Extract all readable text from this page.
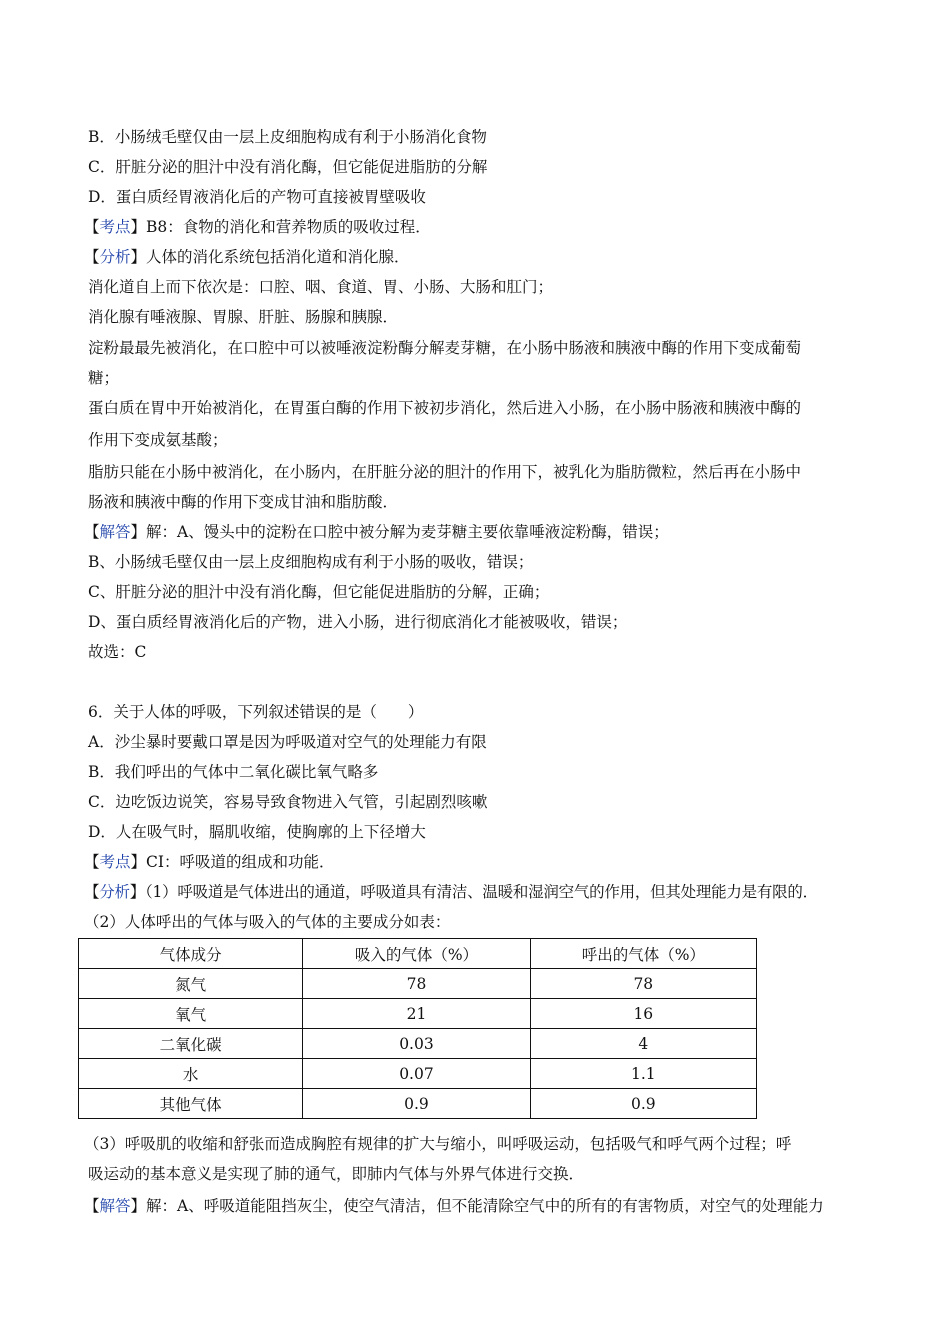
B．小肠绒毛壁仅由一层上皮细胞构成有利于小肠消化食物
C．肝脏分泌的胆汁中没有消化酶，但它能促进脂肪的分解
D．蛋白质经胃液消化后的产物可直接被胃壁吸收
【考点】B8：食物的消化和营养物质的吸收过程．
【分析】人体的消化系统包括消化道和消化腺．
消化道自上而下依次是：口腔、咽、食道、胃、小肠、大肠和肛门；
消化腺有唾液腺、胃腺、肝脏、肠腺和胰腺．
淀粉最最先被消化，在口腔中可以被唾液淀粉酶分解麦芽糖，在小肠中肠液和胰液中酶的作用下变成葡萄
糖；
蛋白质在胃中开始被消化，在胃蛋白酶的作用下被初步消化，然后进入小肠，在小肠中肠液和胰液中酶的
作用下变成氨基酸；
脂肪只能在小肠中被消化，在小肠内，在肝脏分泌的胆汁的作用下，被乳化为脂肪微粒，然后再在小肠中
肠液和胰液中酶的作用下变成甘油和脂肪酸．
【解答】解：A、馒头中的淀粉在口腔中被分解为麦芽糖主要依靠唾液淀粉酶，错误；
B、小肠绒毛壁仅由一层上皮细胞构成有利于小肠的吸收，错误；
C、肝脏分泌的胆汁中没有消化酶，但它能促进脂肪的分解，正确；
D、蛋白质经胃液消化后的产物，进入小肠，进行彻底消化才能被吸收，错误；
故选：C
6．关于人体的呼吸，下列叙述错误的是（　　）
A．沙尘暴时要戴口罩是因为呼吸道对空气的处理能力有限
B．我们呼出的气体中二氧化碳比氧气略多
C．边吃饭边说笑，容易导致食物进入气管，引起剧烈咳嗽
D．人在吸气时，膈肌收缩，使胸廓的上下径增大
【考点】CI：呼吸道的组成和功能．
【分析】（1）呼吸道是气体进出的通道，呼吸道具有清洁、温暖和湿润空气的作用，但其处理能力是有限的．
（2）人体呼出的气体与吸入的气体的主要成分如表：
气体成分	吸入的气体（%）	呼出的气体（%）
氮气	78	78
氧气	21	16
二氧化碳	0.03	4
水	0.07	1.1
其他气体	0.9	0.9
（3）呼吸肌的收缩和舒张而造成胸腔有规律的扩大与缩小，叫呼吸运动，包括吸气和呼气两个过程；呼
吸运动的基本意义是实现了肺的通气，即肺内气体与外界气体进行交换．
【解答】解：A、呼吸道能阻挡灰尘，使空气清洁，但不能清除空气中的所有的有害物质，对空气的处理能力
